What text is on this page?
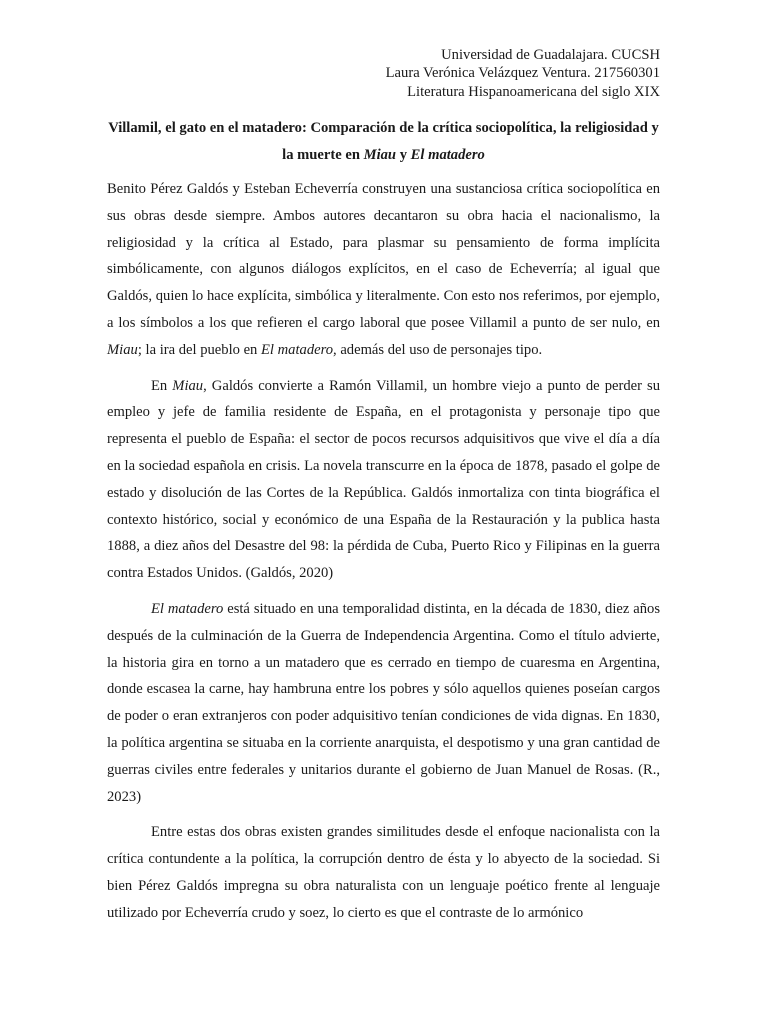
Universidad de Guadalajara. CUCSH
Laura Verónica Velázquez Ventura. 217560301
Literatura Hispanoamericana del siglo XIX
Villamil, el gato en el matadero: Comparación de la crítica sociopolítica, la religiosidad y la muerte en Miau y El matadero

Benito Pérez Galdós y Esteban Echeverría construyen una sustanciosa crítica sociopolítica en sus obras desde siempre. Ambos autores decantaron su obra hacia el nacionalismo, la religiosidad y la crítica al Estado, para plasmar su pensamiento de forma implícita simbólicamente, con algunos diálogos explícitos, en el caso de Echeverría; al igual que Galdós, quien lo hace explícita, simbólica y literalmente. Con esto nos referimos, por ejemplo, a los símbolos a los que refieren el cargo laboral que posee Villamil a punto de ser nulo, en Miau; la ira del pueblo en El matadero, además del uso de personajes tipo.

En Miau, Galdós convierte a Ramón Villamil, un hombre viejo a punto de perder su empleo y jefe de familia residente de España, en el protagonista y personaje tipo que representa el pueblo de España: el sector de pocos recursos adquisitivos que vive el día a día en la sociedad española en crisis. La novela transcurre en la época de 1878, pasado el golpe de estado y disolución de las Cortes de la República. Galdós inmortaliza con tinta biográfica el contexto histórico, social y económico de una España de la Restauración y la publica hasta 1888, a diez años del Desastre del 98: la pérdida de Cuba, Puerto Rico y Filipinas en la guerra contra Estados Unidos. (Galdós, 2020)

El matadero está situado en una temporalidad distinta, en la década de 1830, diez años después de la culminación de la Guerra de Independencia Argentina. Como el título advierte, la historia gira en torno a un matadero que es cerrado en tiempo de cuaresma en Argentina, donde escasea la carne, hay hambruna entre los pobres y sólo aquellos quienes poseían cargos de poder o eran extranjeros con poder adquisitivo tenían condiciones de vida dignas. En 1830, la política argentina se situaba en la corriente anarquista, el despotismo y una gran cantidad de guerras civiles entre federales y unitarios durante el gobierno de Juan Manuel de Rosas. (R., 2023)

Entre estas dos obras existen grandes similitudes desde el enfoque nacionalista con la crítica contundente a la política, la corrupción dentro de ésta y lo abyecto de la sociedad. Si bien Pérez Galdós impregna su obra naturalista con un lenguaje poético frente al lenguaje utilizado por Echeverría crudo y soez, lo cierto es que el contraste de lo armónico
